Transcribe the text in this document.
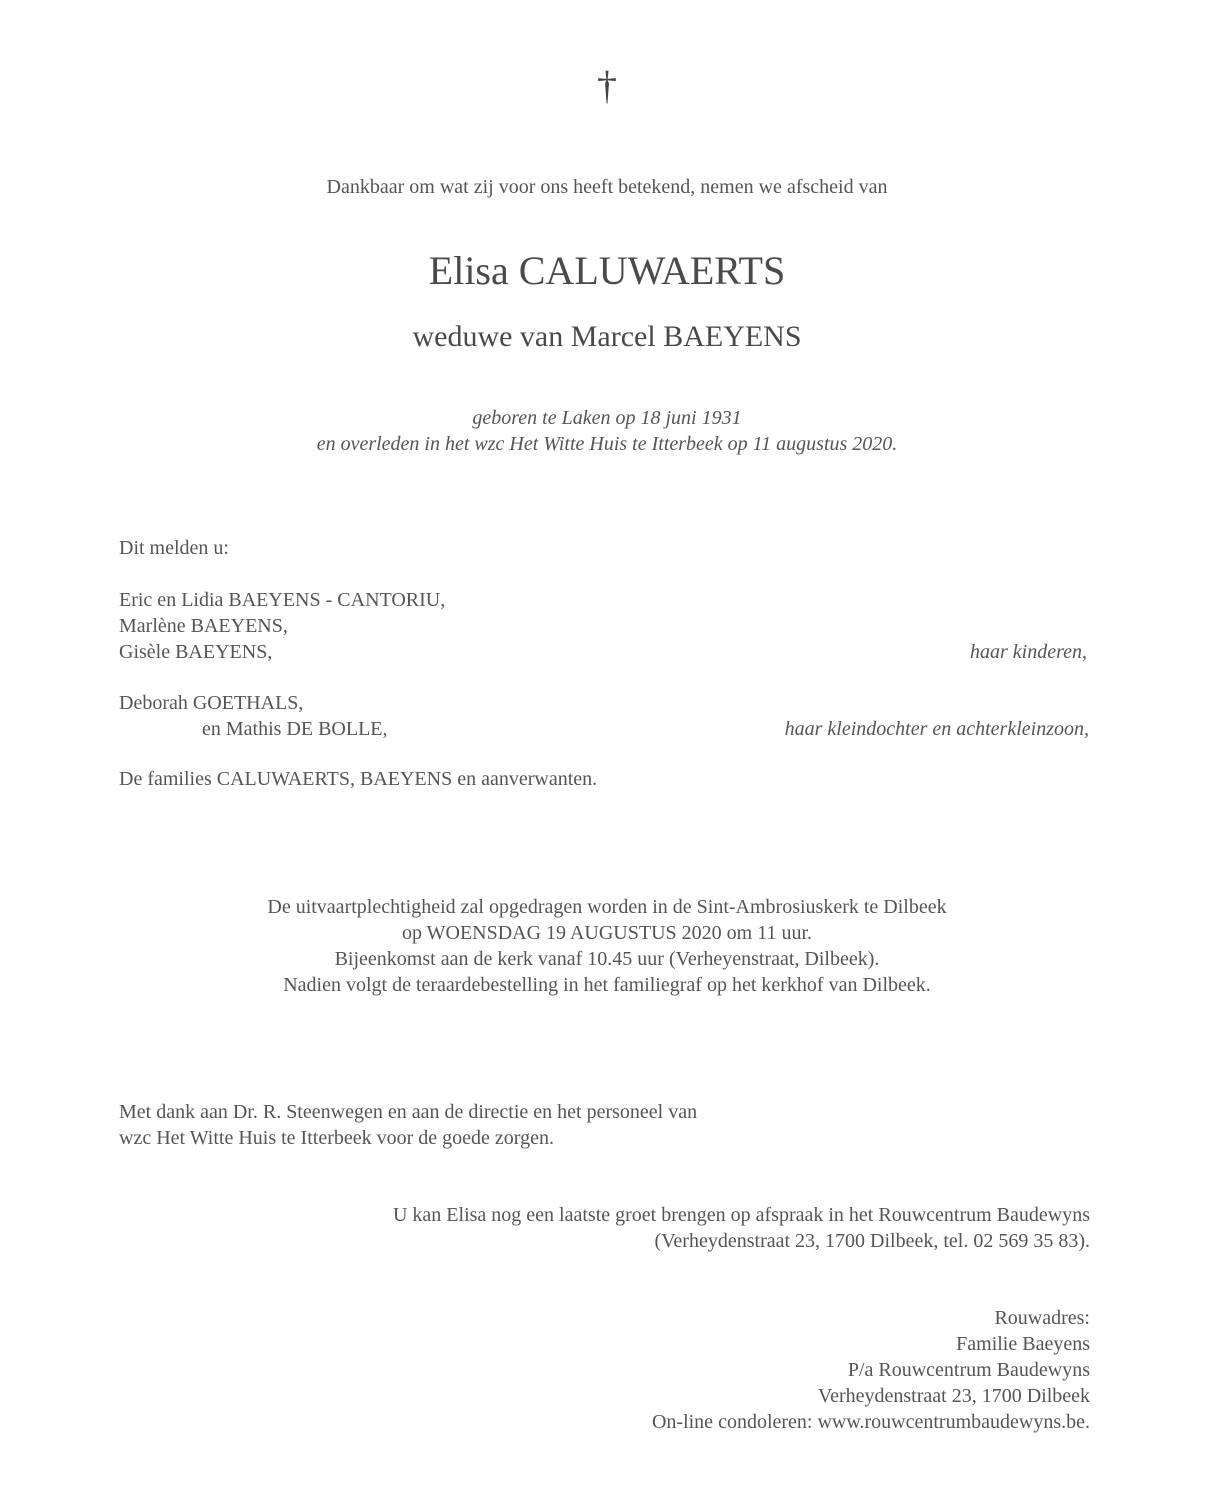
†
Dankbaar om wat zij voor ons heeft betekend, nemen we afscheid van
Elisa CALUWAERTS
weduwe van Marcel BAEYENS
geboren te Laken op 18 juni 1931
en overleden in het wzc Het Witte Huis te Itterbeek op 11 augustus 2020.
Dit melden u:
Eric en Lidia BAEYENS - CANTORIU,
Marlène BAEYENS,
Gisèle BAEYENS,	haar kinderen,
Deborah GOETHALS,
en Mathis DE BOLLE,	haar kleindochter en achterkleinzoon,
De families CALUWAERTS, BAEYENS en aanverwanten.
De uitvaartplechtigheid zal opgedragen worden in de Sint-Ambrosiuskerk te Dilbeek
op WOENSDAG 19 AUGUSTUS 2020 om 11 uur.
Bijeenkomst aan de kerk vanaf 10.45 uur (Verheyenstraat, Dilbeek).
Nadien volgt de teraardebestelling in het familiegraf op het kerkhof van Dilbeek.
Met dank aan Dr. R. Steenwegen en aan de directie en het personeel van
wzc Het Witte Huis te Itterbeek voor de goede zorgen.
U kan Elisa nog een laatste groet brengen op afspraak in het Rouwcentrum Baudewyns
(Verheydenstraat 23, 1700 Dilbeek, tel. 02 569 35 83).
Rouwadres:
Familie Baeyens
P/a Rouwcentrum Baudewyns
Verheydenstraat 23, 1700 Dilbeek
On-line condoleren: www.rouwcentrumbaudewyns.be.
